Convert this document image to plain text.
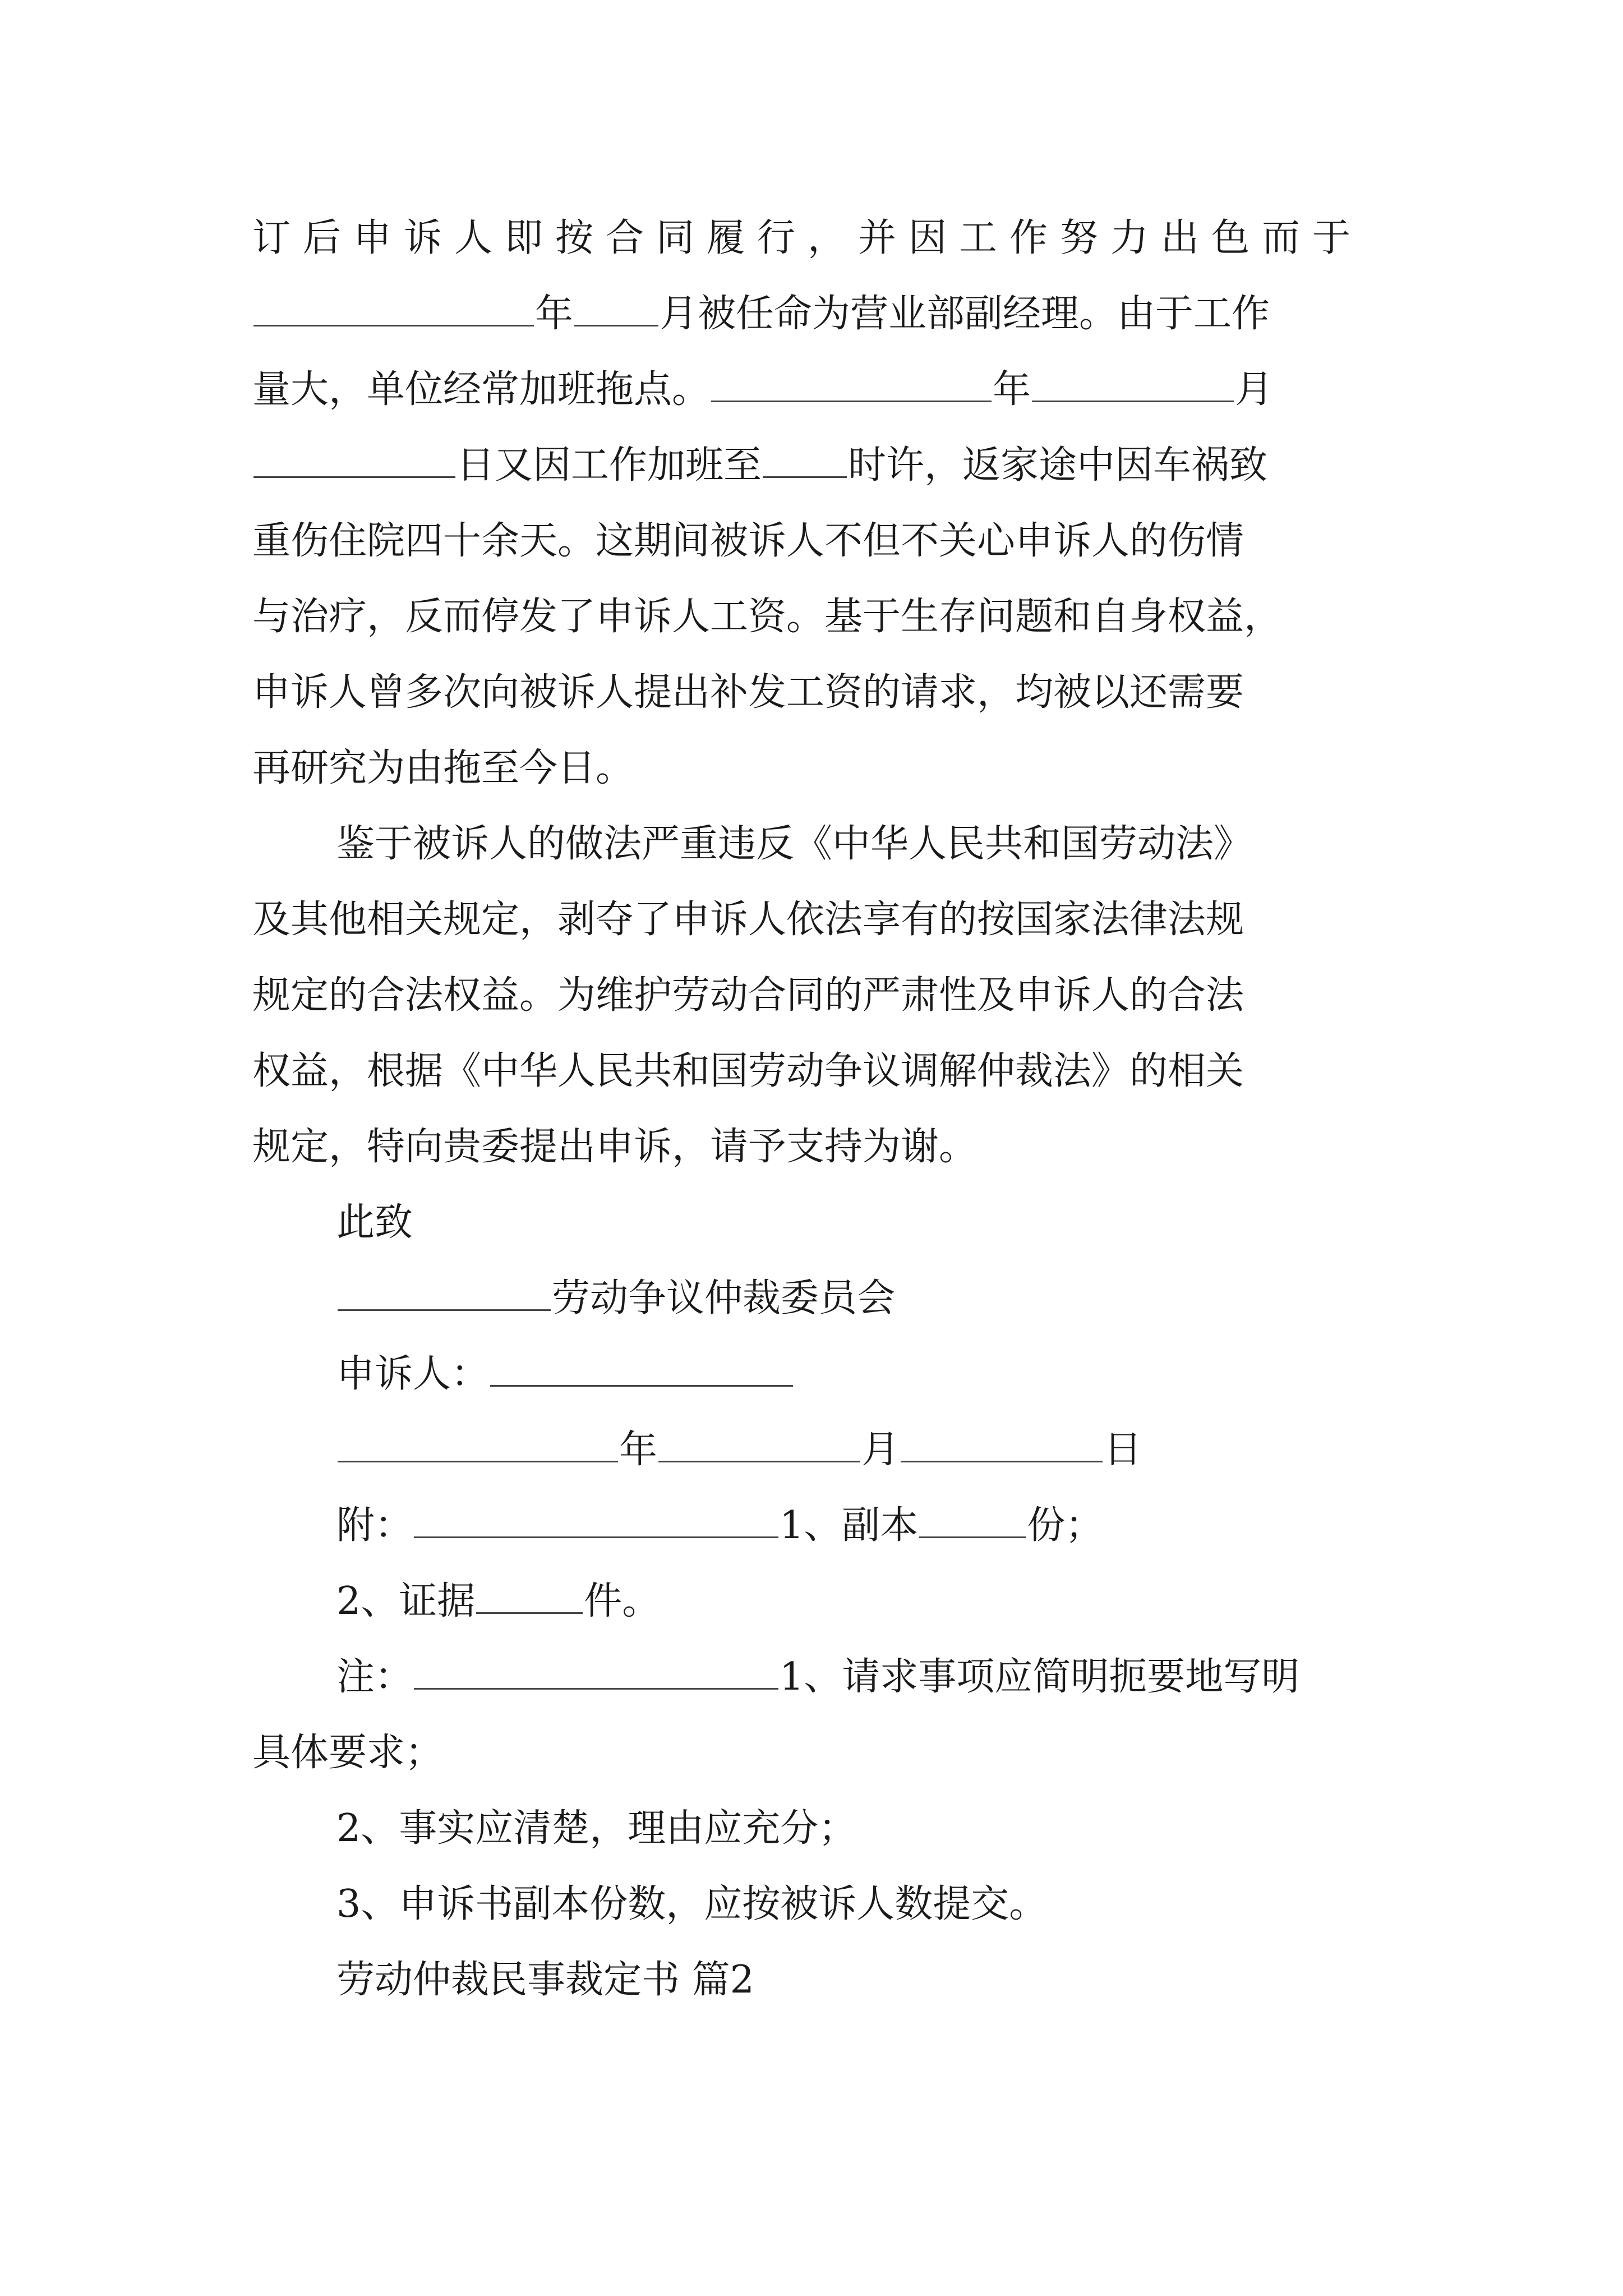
订后申诉人即按合同履行，并因工作努力出色而于
年 月被任命为营业部副经理。由于工作
量大，单位经常加班拖点。	年	月
日又因工作加班至 时许，返家途中因车祸致
重伤住院四十余天。这期间被诉人不但不关心申诉人的伤情
与治疗，反而停发了申诉人工资。基于生存问题和自身权益，
申诉人曾多次向被诉人提出补发工资的请求，均被以还需要
再研究为由拖至今日。
鉴于被诉人的做法严重违反《中华人民共和国劳动法》
及其他相关规定，剥夺了申诉人依法享有的按国家法律法规
规定的合法权益。为维护劳动合同的严肃性及申诉人的合法
权益，根据《中华人民共和国劳动争议调解仲裁法》的相关
规定，特向贵委提出申诉，请予支持为谢。
此致
劳动争议仲裁委员会
申诉人：
年	月	日
附：	1、副本	份；
2、证据	件。
注：	1、请求事项应简明扼要地写明
具体要求；
2、事实应清楚，理由应充分；
3、申诉书副本份数，应按被诉人数提交。
劳动仲裁民事裁定书 篇2
